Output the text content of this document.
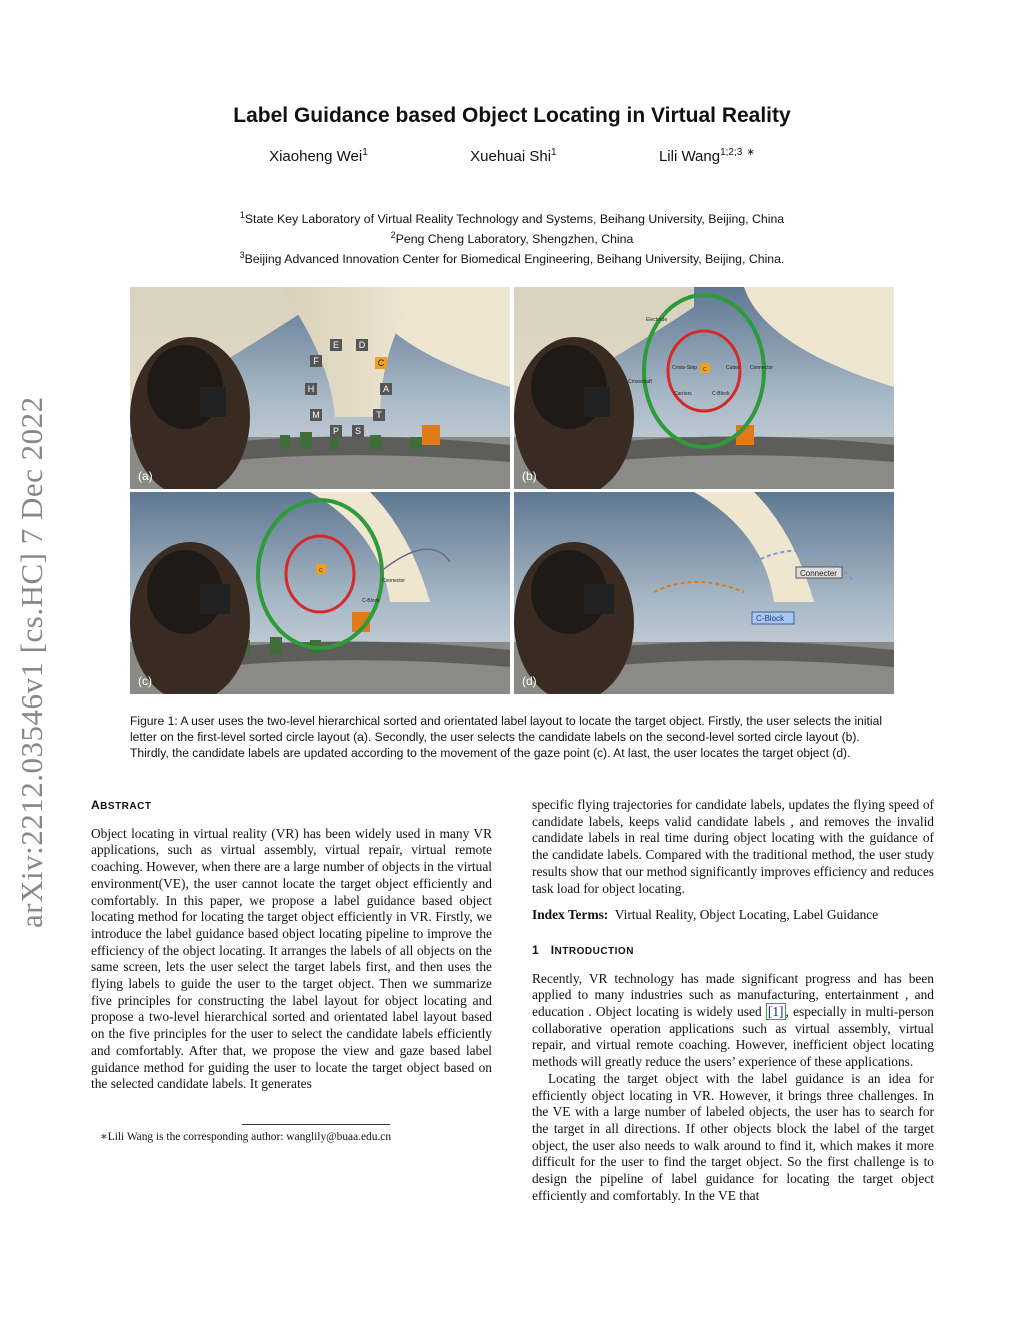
Label Guidance based Object Locating in Virtual Reality
Xiaoheng Wei$^1$	Xuehuai Shi$^1$	Lili Wang$^{1;2;3}$ ∗
$^1$State Key Laboratory of Virtual Reality Technology and Systems, Beihang University, Beijing, China
$^2$Peng Cheng Laboratory, Shengzhen, China
$^3$Beijing Advanced Innovation Center for Biomedical Engineering, Beihang University, Beijing, China.
arXiv:2212.03546v1 [cs.HC] 7 Dec 2022
E D
F	C
H	A
M	T
P S
(a)
Electrode
Cross-Strip C
Crossshaft
Cutter
Carriers	C-Block
Connector
(b)
C
Connector
C-Block
(c)
Connecter
C-Block
(d)
Figure 1: A user uses the two-level hierarchical sorted and orientated label layout to locate the target object. Firstly, the user selects the initial letter on the first-level sorted circle layout (a). Secondly, the user selects the candidate labels on the second-level sorted circle layout (b). Thirdly, the candidate labels are updated according to the movement of the gaze point (c). At last, the user locates the target object (d).
ABSTRACT

Object locating in virtual reality (VR) has been widely used in many VR applications, such as virtual assembly, virtual repair, virtual remote coaching. However, when there are a large number of objects in the virtual environment(VE), the user cannot locate the target object efficiently and comfortably. In this paper, we propose a label guidance based object locating method for locating the target object efficiently in VR. Firstly, we introduce the label guidance based object locating pipeline to improve the efficiency of the object locating. It arranges the labels of all objects on the same screen, lets the user select the target labels first, and then uses the flying labels to guide the user to the target object. Then we summarize five principles for constructing the label layout for object locating and propose a two-level hierarchical sorted and orientated label layout based on the five principles for the user to select the candidate labels efficiently and comfortably. After that, we propose the view and gaze based label guidance method for guiding the user to locate the target object based on the selected candidate labels. It generates

∗Lili Wang is the corresponding author: wanglily@buaa.edu.cn

specific flying trajectories for candidate labels, updates the flying speed of candidate labels, keeps valid candidate labels , and removes the invalid candidate labels in real time during object locating with the guidance of the candidate labels. Compared with the traditional method, the user study results show that our method significantly improves efficiency and reduces task load for object locating.

Index Terms: Virtual Reality, Object Locating, Label Guidance

1 INTRODUCTION

Recently, VR technology has made significant progress and has been applied to many industries such as manufacturing, entertainment , and education . Object locating is widely used [1] , especially in multi-person collaborative operation applications such as virtual assembly, virtual repair, and virtual remote coaching. However, inefficient object locating methods will greatly reduce the users’ experience of these applications.

Locating the target object with the label guidance is an idea for efficiently object locating in VR. However, it brings three challenges. In the VE with a large number of labeled objects, the user has to search for the target in all directions. If other objects block the label of the target object, the user also needs to walk around to find it, which makes it more difficult for the user to find the target object. So the first challenge is to design the pipeline of label guidance for locating the target object efficiently and comfortably. In the VE that
